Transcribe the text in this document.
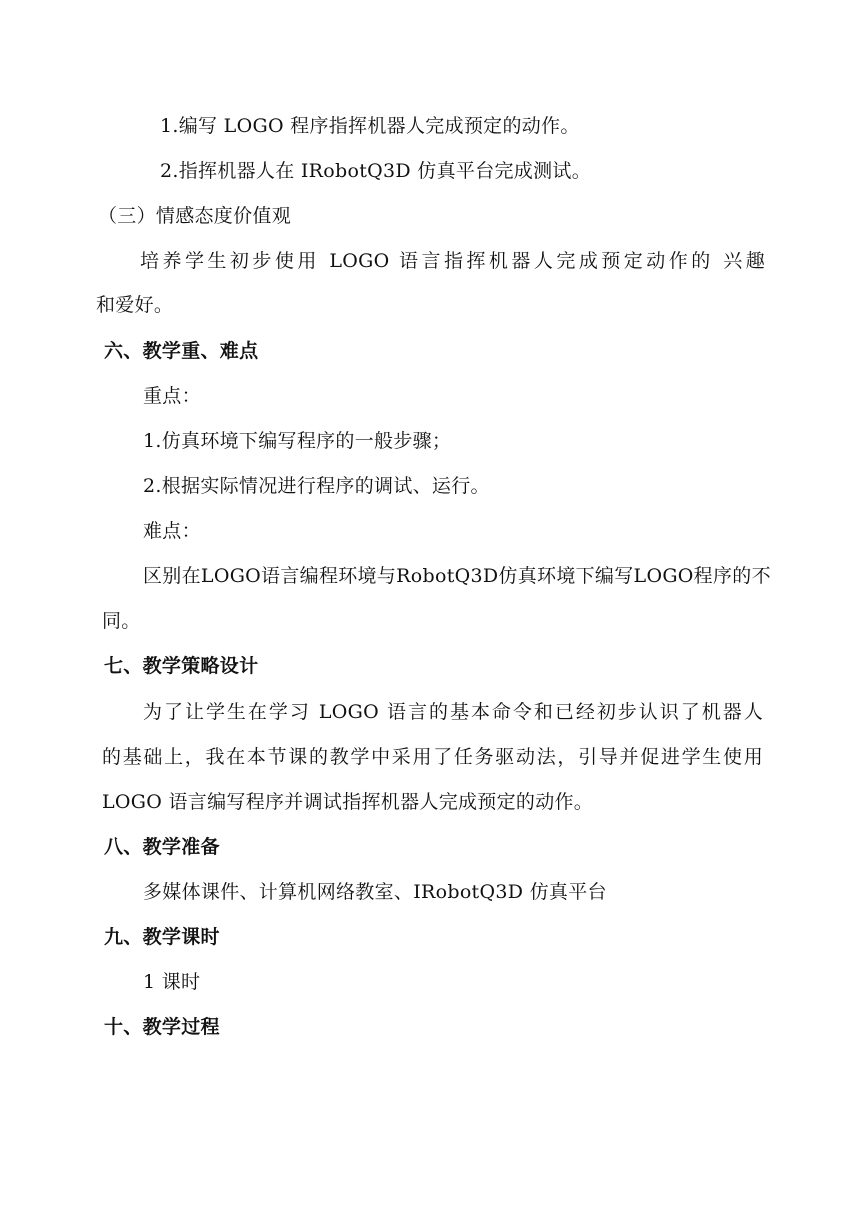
1.编写 LOGO 程序指挥机器人完成预定的动作。
2.指挥机器人在 IRobotQ3D 仿真平台完成测试。
（三）情感态度价值观
培养学生初步使用 LOGO 语言指挥机器人完成预定动作的 兴趣
和爱好。
六、教学重、难点
重点：
1.仿真环境下编写程序的一般步骤；
2.根据实际情况进行程序的调试、运行。
难点：
区别在LOGO语言编程环境与RobotQ3D仿真环境下编写LOGO程序的不
同。
七、教学策略设计
为了让学生在学习 LOGO 语言的基本命令和已经初步认识了机器人
的基础上，我在本节课的教学中采用了任务驱动法，引导并促进学生使用
LOGO 语言编写程序并调试指挥机器人完成预定的动作。
八、教学准备
多媒体课件、计算机网络教室、IRobotQ3D 仿真平台
九、教学课时
1 课时
十、教学过程
